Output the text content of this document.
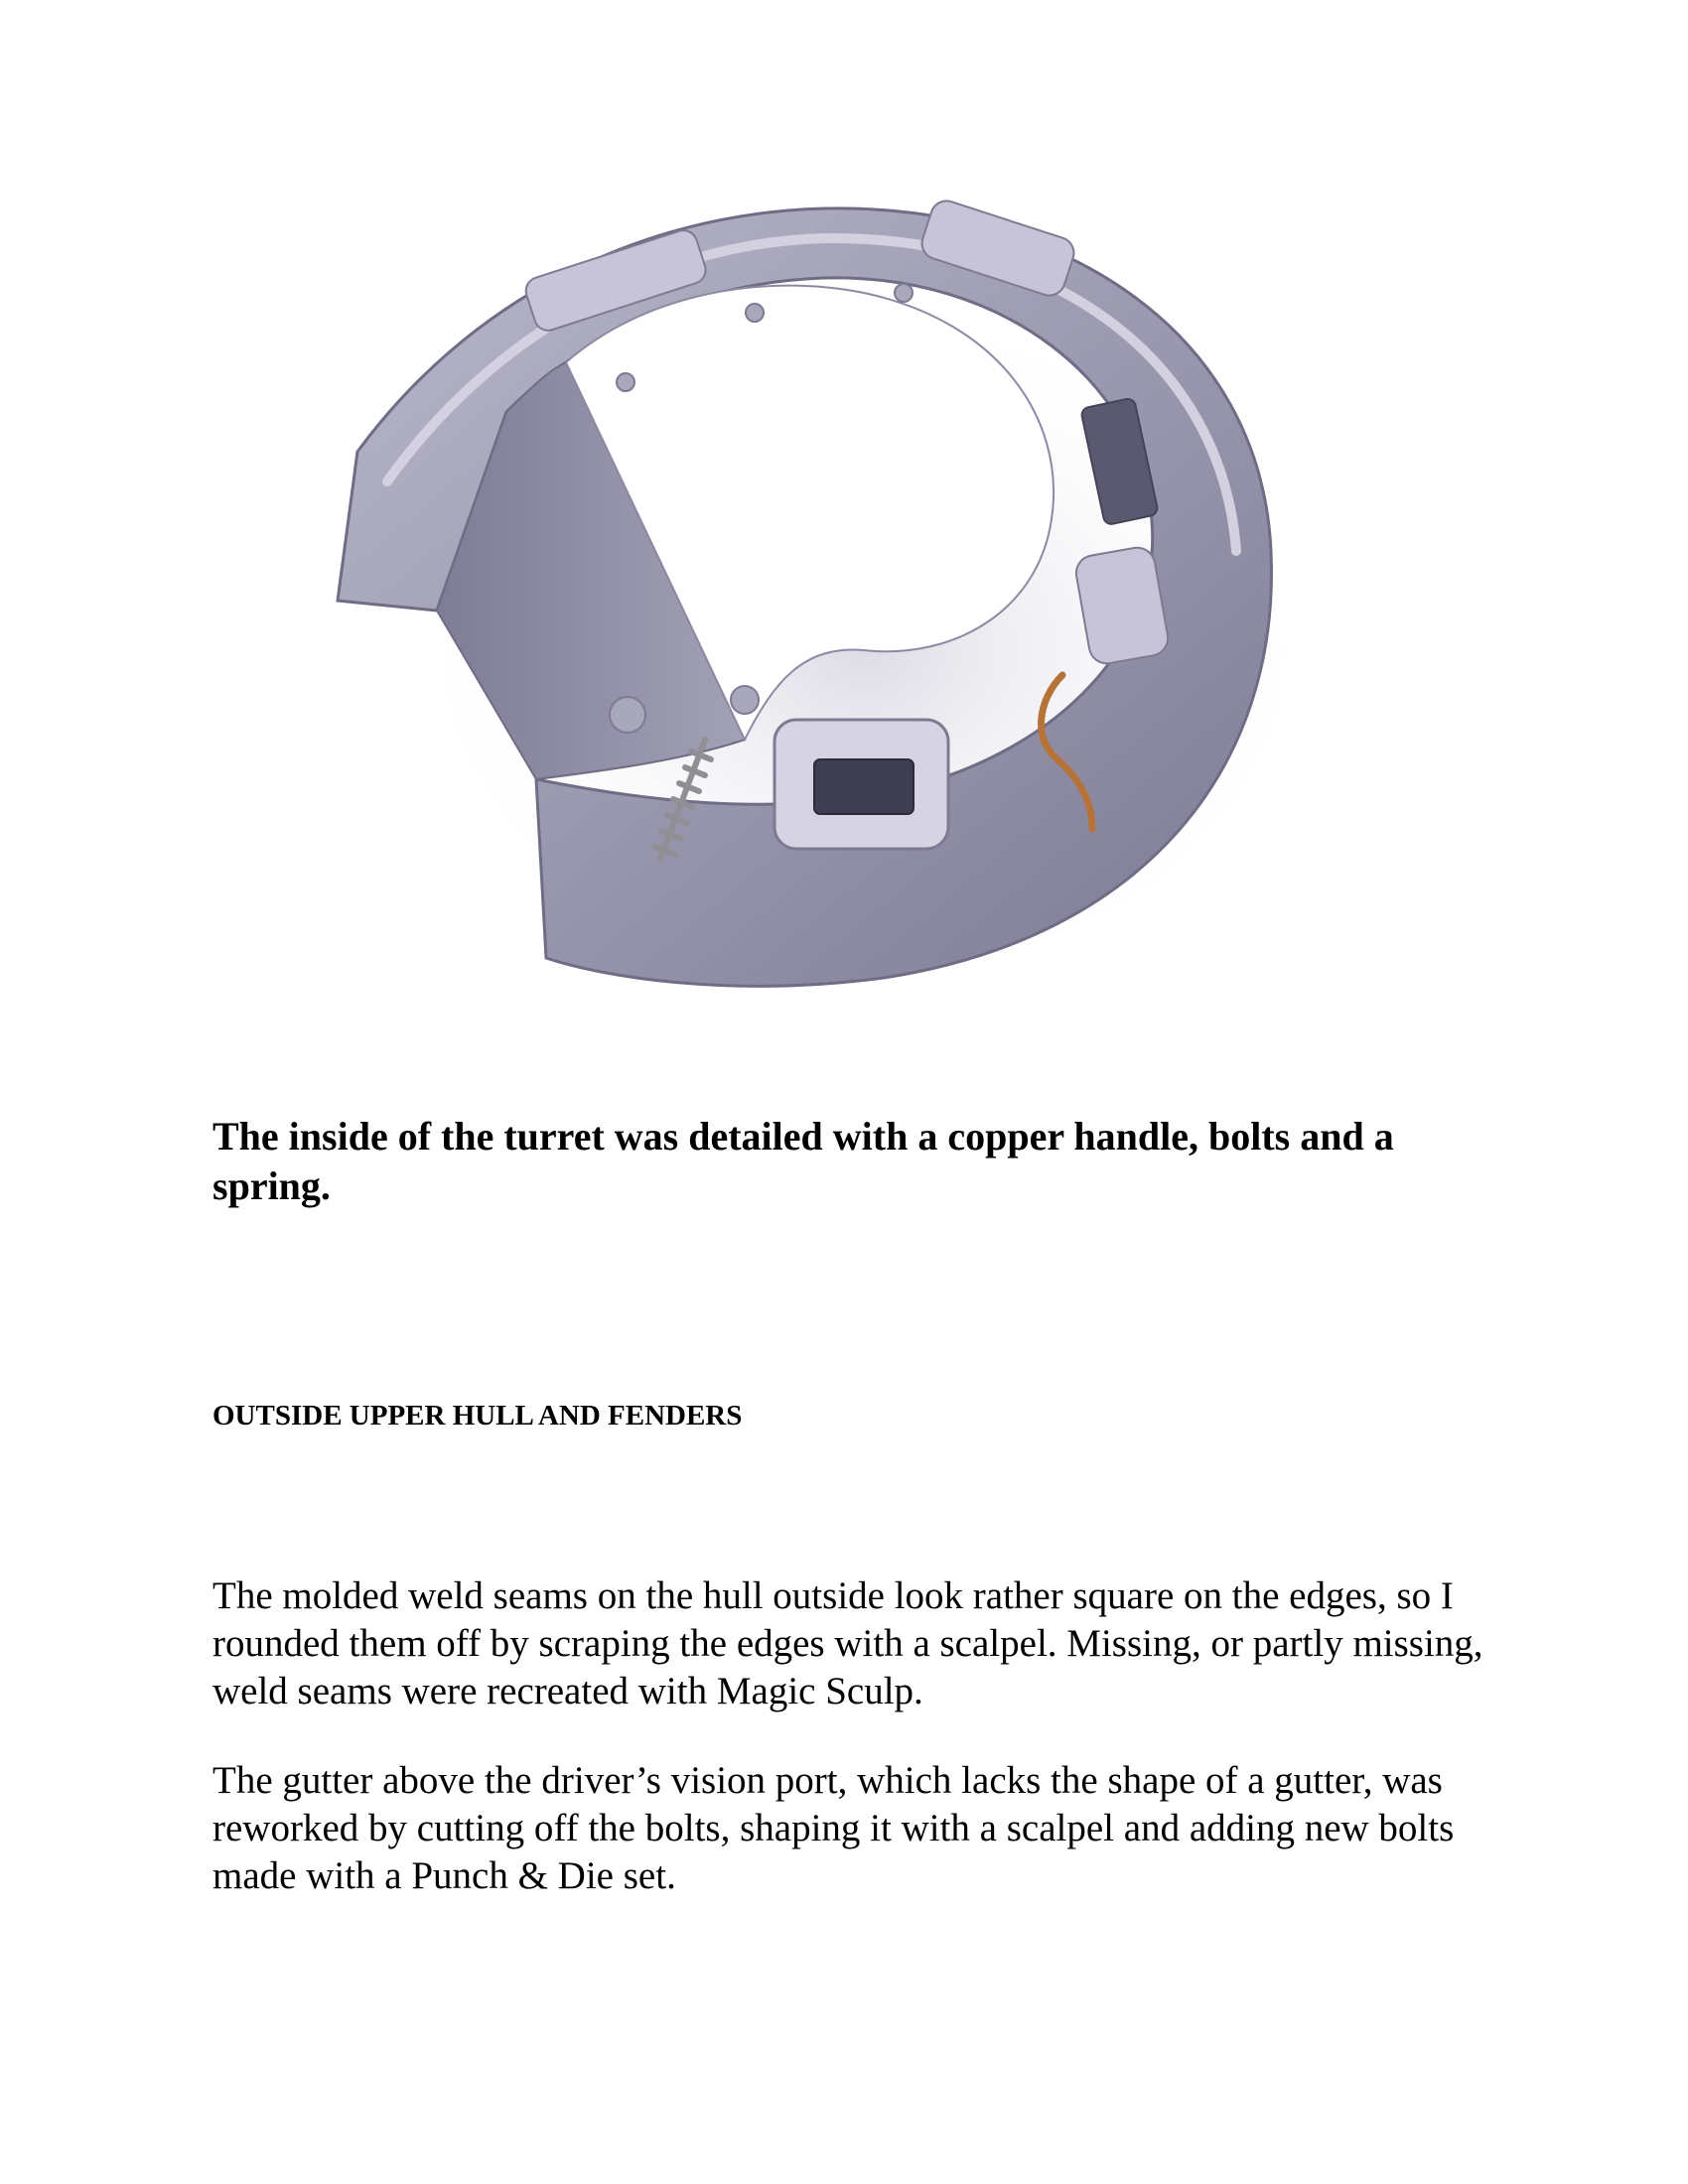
The inside of the turret was detailed with a copper handle, bolts and a spring.

OUTSIDE UPPER HULL AND FENDERS

The molded weld seams on the hull outside look rather square on the edges, so I rounded them off by scraping the edges with a scalpel. Missing, or partly missing, weld seams were recreated with Magic Sculp.

The gutter above the driver’s vision port, which lacks the shape of a gutter, was reworked by cutting off the bolts, shaping it with a scalpel and adding new bolts made with a Punch & Die set.
